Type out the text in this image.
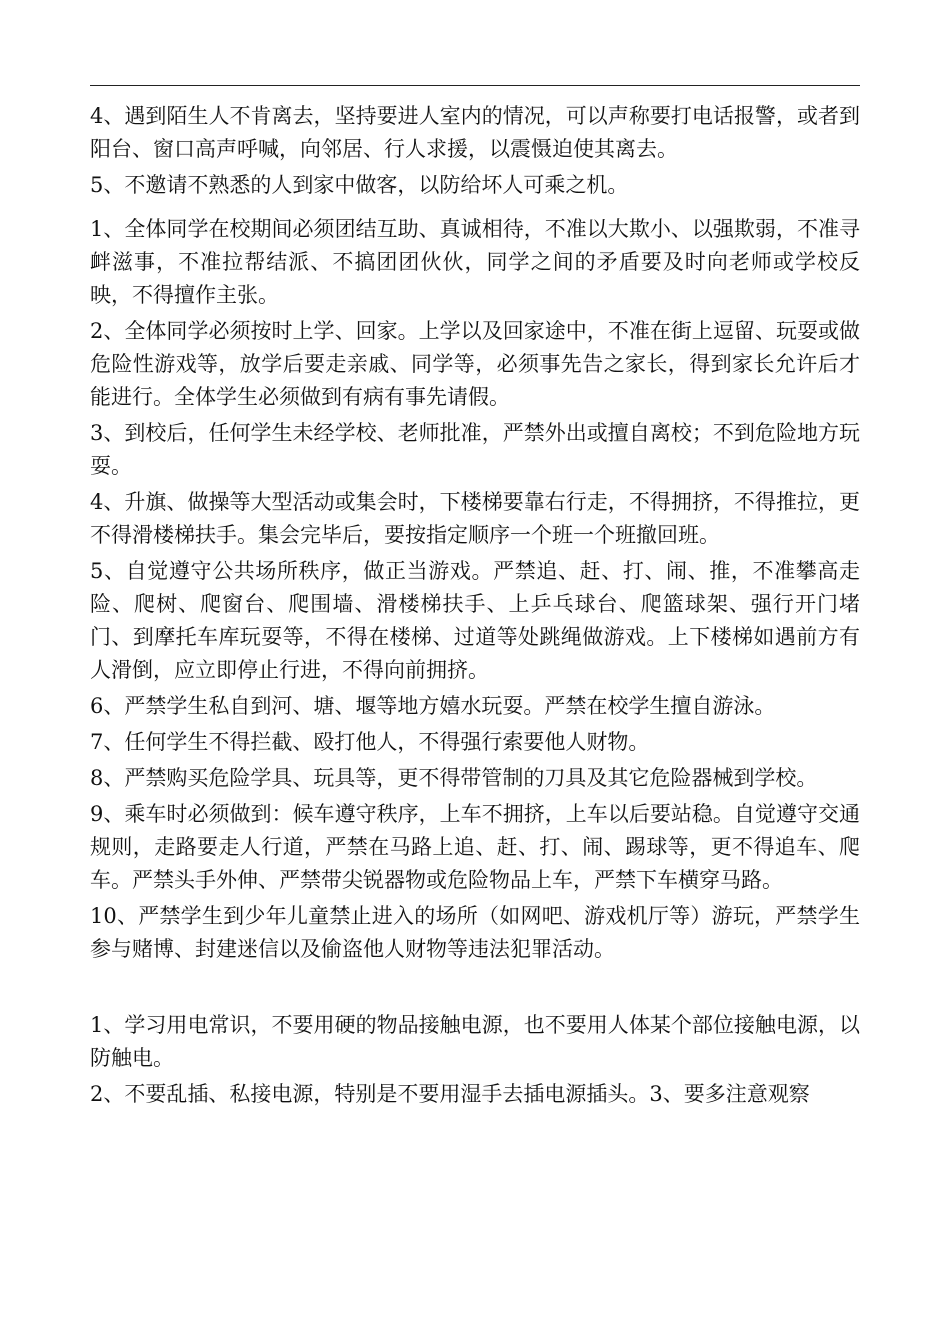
4、遇到陌生人不肯离去，坚持要进人室内的情况，可以声称要打电话报警，或者到阳台、窗口高声呼喊，向邻居、行人求援，以震慑迫使其离去。

5、不邀请不熟悉的人到家中做客，以防给坏人可乘之机。

1、全体同学在校期间必须团结互助、真诚相待，不准以大欺小、以强欺弱，不准寻衅滋事，不准拉帮结派、不搞团团伙伙，同学之间的矛盾要及时向老师或学校反映，不得擅作主张。

2、全体同学必须按时上学、回家。上学以及回家途中，不准在街上逗留、玩耍或做危险性游戏等，放学后要走亲戚、同学等，必须事先告之家长，得到家长允许后才能进行。全体学生必须做到有病有事先请假。

3、到校后，任何学生未经学校、老师批准，严禁外出或擅自离校；不到危险地方玩耍。

4、升旗、做操等大型活动或集会时，下楼梯要靠右行走，不得拥挤，不得推拉，更不得滑楼梯扶手。集会完毕后，要按指定顺序一个班一个班撤回班。

5、自觉遵守公共场所秩序，做正当游戏。严禁追、赶、打、闹、推，不准攀高走险、爬树、爬窗台、爬围墙、滑楼梯扶手、上乒乓球台、爬篮球架、强行开门堵门、到摩托车库玩耍等，不得在楼梯、过道等处跳绳做游戏。上下楼梯如遇前方有人滑倒，应立即停止行进，不得向前拥挤。

6、严禁学生私自到河、塘、堰等地方嬉水玩耍。严禁在校学生擅自游泳。

7、任何学生不得拦截、殴打他人，不得强行索要他人财物。

8、严禁购买危险学具、玩具等，更不得带管制的刀具及其它危险器械到学校。

9、乘车时必须做到：候车遵守秩序，上车不拥挤，上车以后要站稳。自觉遵守交通规则，走路要走人行道，严禁在马路上追、赶、打、闹、踢球等，更不得追车、爬车。严禁头手外伸、严禁带尖锐器物或危险物品上车，严禁下车横穿马路。

10、严禁学生到少年儿童禁止进入的场所（如网吧、游戏机厅等）游玩，严禁学生参与赌博、封建迷信以及偷盗他人财物等违法犯罪活动。

1、学习用电常识，不要用硬的物品接触电源，也不要用人体某个部位接触电源，以防触电。

2、不要乱插、私接电源，特别是不要用湿手去插电源插头。3、要多注意观察
